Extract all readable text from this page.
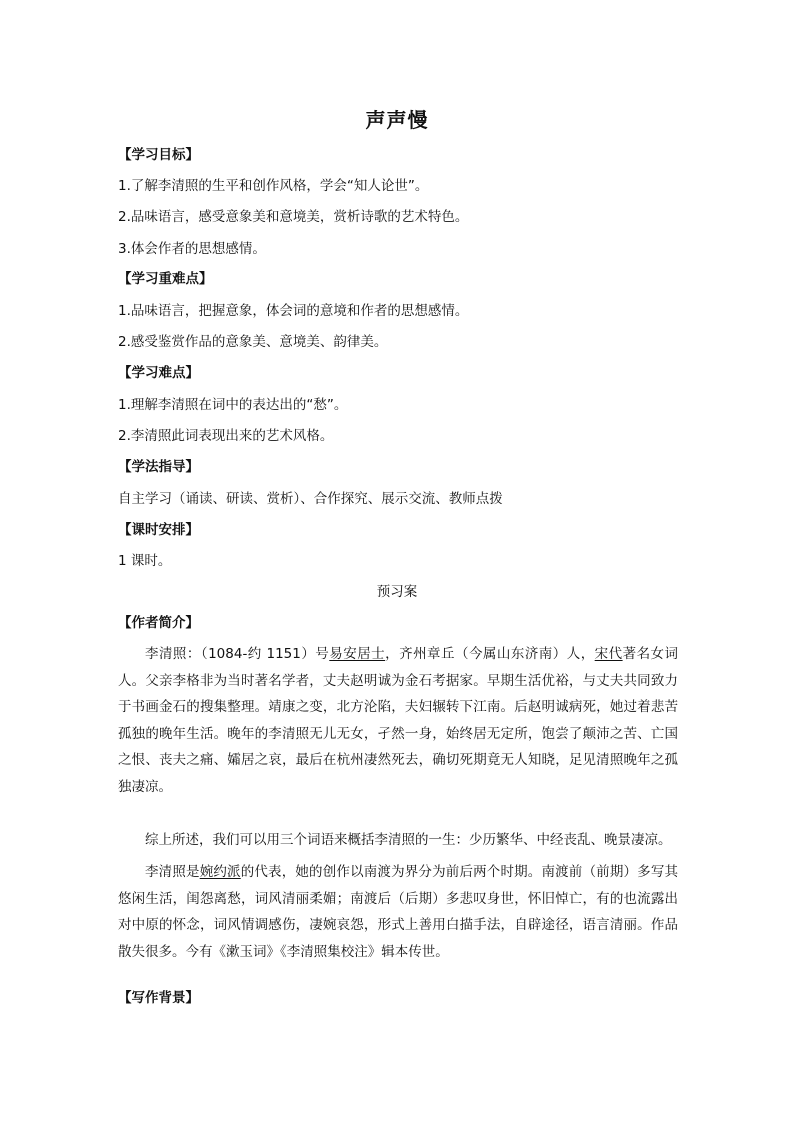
声声慢
【学习目标】
1.了解李清照的生平和创作风格，学会“知人论世”。
2.品味语言，感受意象美和意境美，赏析诗歌的艺术特色。
3.体会作者的思想感情。
【学习重难点】
1.品味语言，把握意象，体会词的意境和作者的思想感情。
2.感受鉴赏作品的意象美、意境美、韵律美。
【学习难点】
1.理解李清照在词中的表达出的“愁”。
2.李清照此词表现出来的艺术风格。
【学法指导】
自主学习（诵读、研读、赏析）、合作探究、展示交流、教师点拨
【课时安排】
1 课时。
预习案
【作者简介】
李清照：（1084-约 1151）号易安居士，齐州章丘（今属山东济南）人，宋代著名女词人。父亲李格非为当时著名学者，丈夫赵明诚为金石考据家。早期生活优裕，与丈夫共同致力于书画金石的搜集整理。靖康之变，北方沦陷，夫妇辗转下江南。后赵明诚病死，她过着悲苦孤独的晚年生活。晚年的李清照无儿无女，孑然一身，始终居无定所，饱尝了颠沛之苦、亡国之恨、丧夫之痛、孀居之哀，最后在杭州凄然死去，确切死期竟无人知晓，足见清照晚年之孤独凄凉。
综上所述，我们可以用三个词语来概括李清照的一生：少历繁华、中经丧乱、晚景凄凉。
李清照是婉约派的代表，她的创作以南渡为界分为前后两个时期。南渡前（前期）多写其悠闲生活，闺怨离愁，词风清丽柔媚；南渡后（后期）多悲叹身世，怀旧悼亡，有的也流露出对中原的怀念，词风情调感伤，凄婉哀怨，形式上善用白描手法，自辟途径，语言清丽。作品散失很多。今有《漱玉词》《李清照集校注》辑本传世。
【写作背景】
